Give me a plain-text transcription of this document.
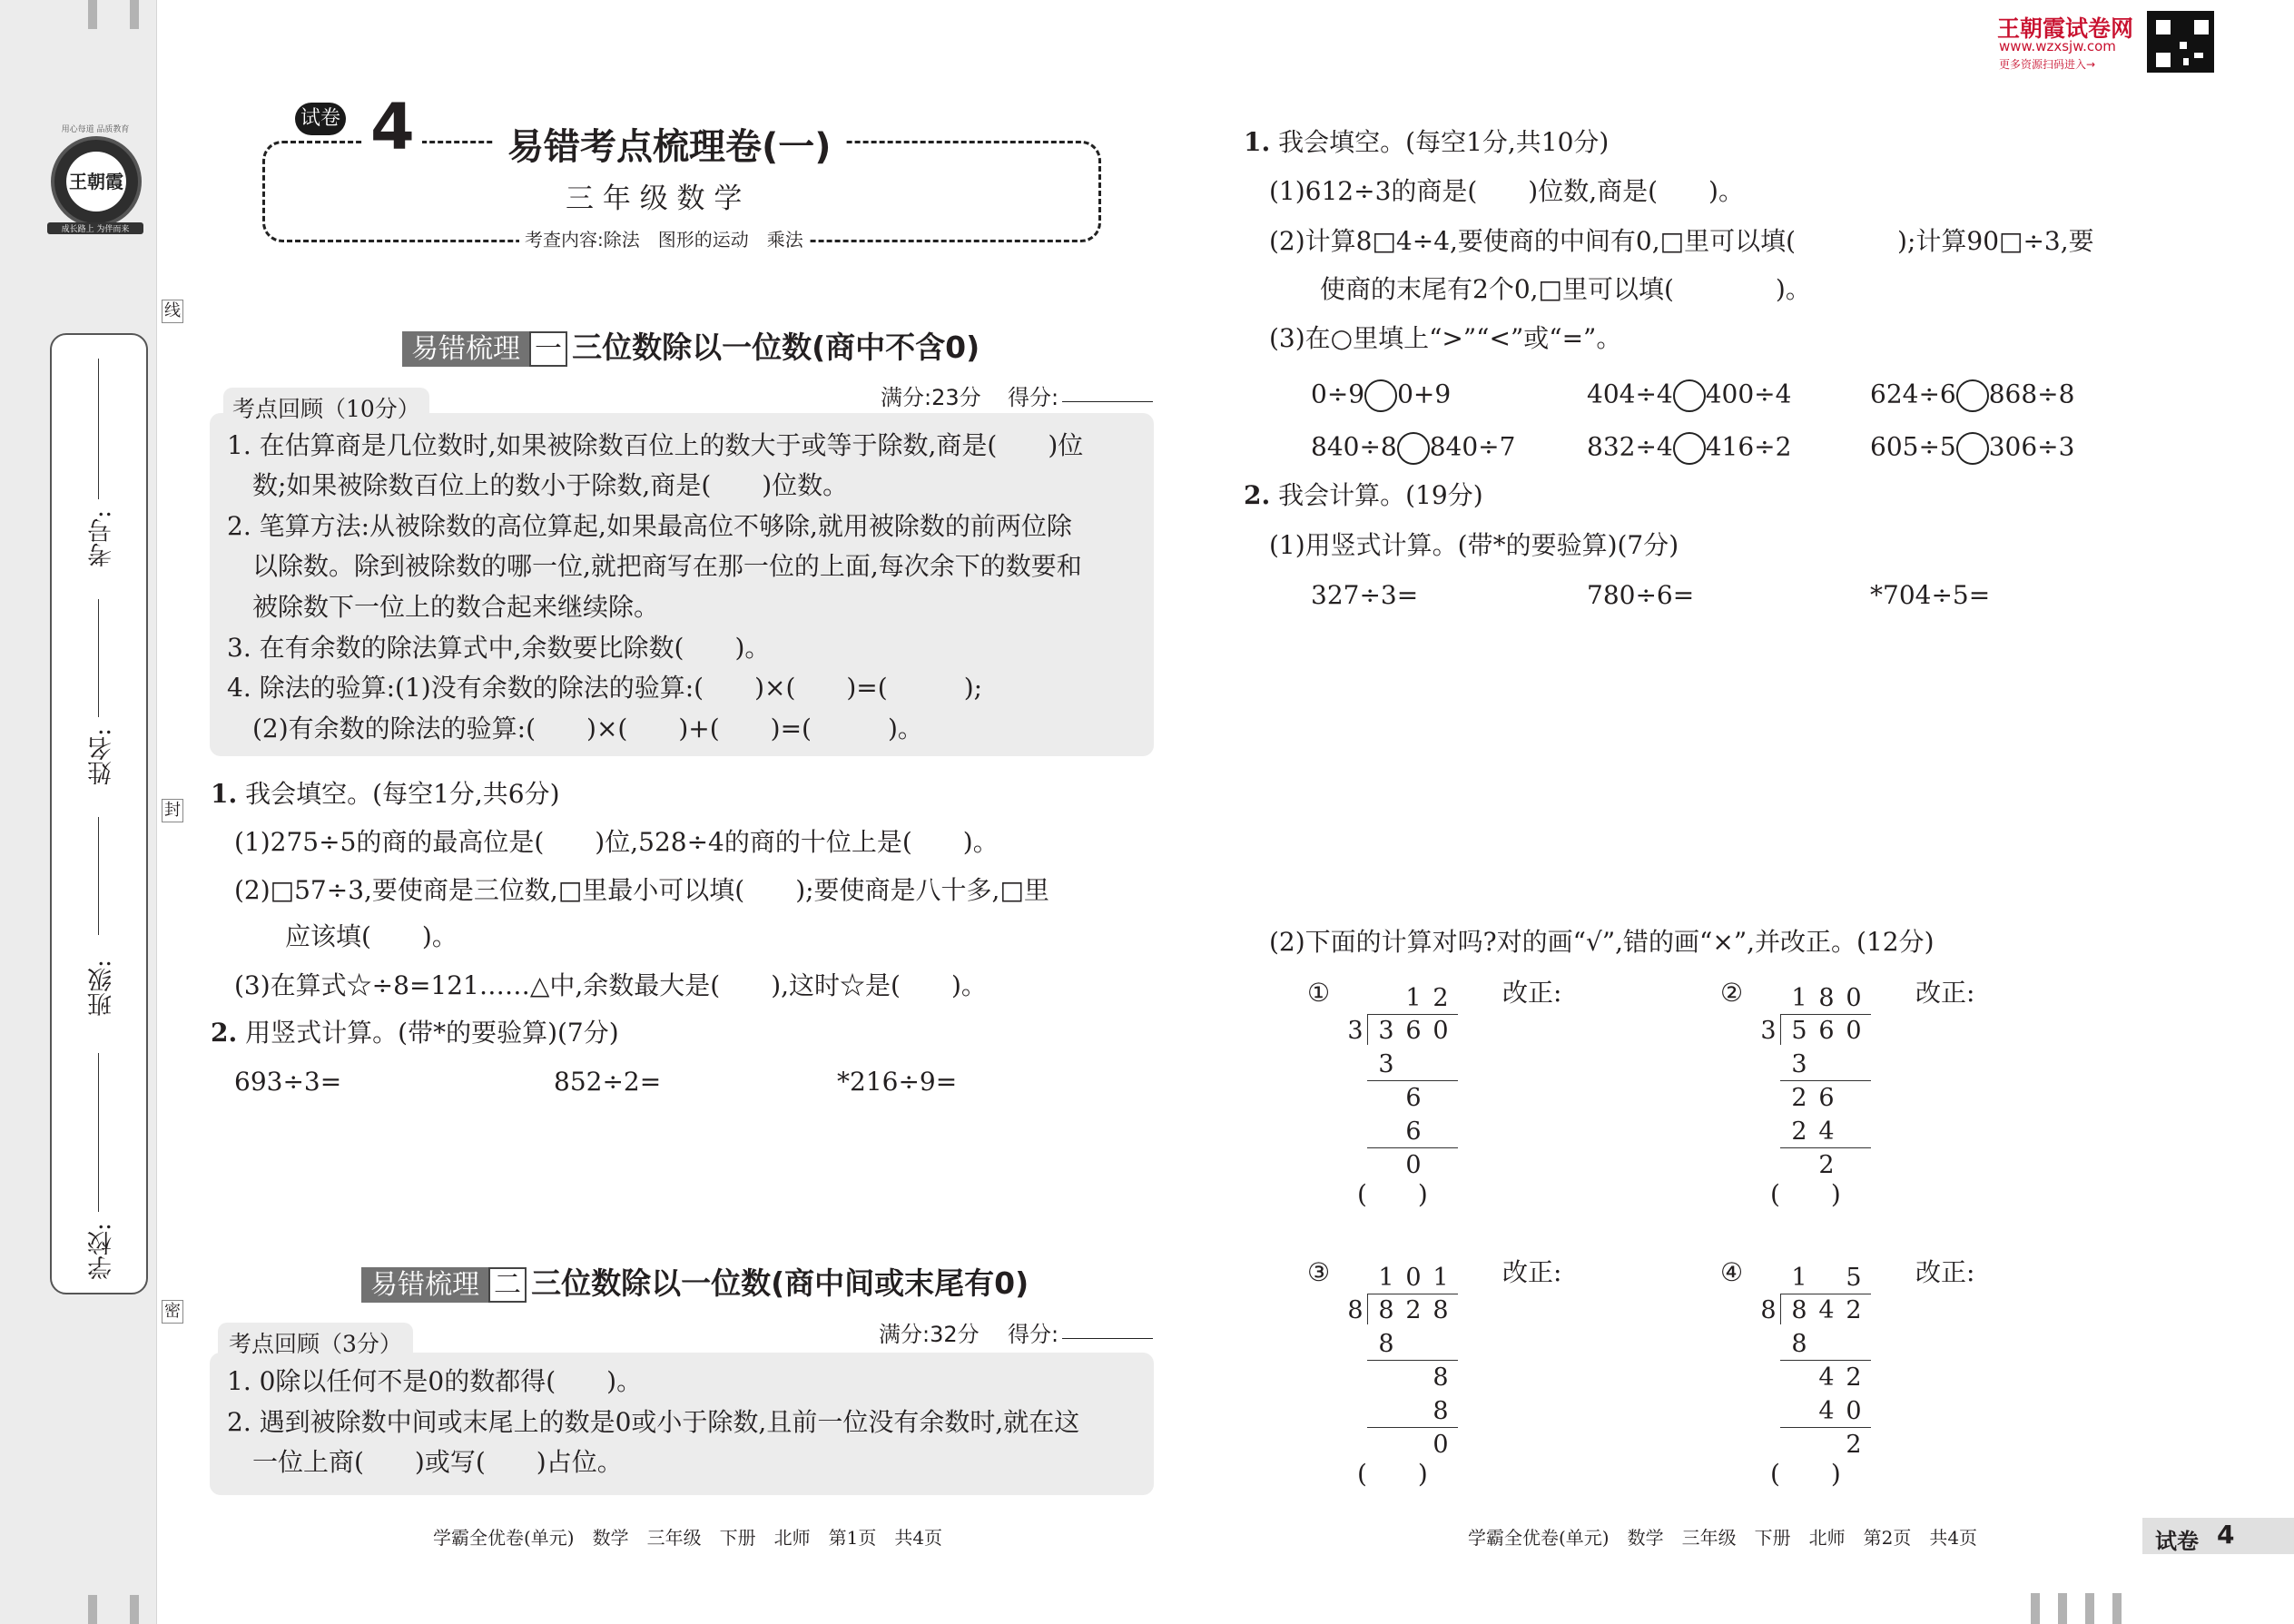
王朝霞
成长路上 为伴而来
用心每道 品质教育
考号:
姓名:
班级:
学校:
线
封
密
试卷 4	易错考点梳理卷(一)
三 年 级 数 学
考查内容:除法　图形的运动　乘法
王朝霞试卷网
www.wzxsjw.com
更多资源扫码进入→
易错梳理 一 三位数除以一位数(商中不含0)
考点回顾（10分）	满分:23分 得分:
1. 在估算商是几位数时,如果被除数百位上的数大于或等于除数,商是(　　)位
　数;如果被除数百位上的数小于除数,商是(　　)位数。
2. 笔算方法:从被除数的高位算起,如果最高位不够除,就用被除数的前两位除
　以除数。除到被除数的哪一位,就把商写在那一位的上面,每次余下的数要和
　被除数下一位上的数合起来继续除。
3. 在有余数的除法算式中,余数要比除数(　　)。
4. 除法的验算:(1)没有余数的除法的验算:(　　)×(　　)=(　　　);
　(2)有余数的除法的验算:(　　)×(　　)+(　　)=(　　　)。
1. 我会填空。(每空1分,共6分)
(1)275÷5的商的最高位是(　　)位,528÷4的商的十位上是(　　)。
(2)□57÷3,要使商是三位数,□里最小可以填(　　);要使商是八十多,□里
　　应该填(　　)。
(3)在算式☆÷8=121……△中,余数最大是(　　),这时☆是(　　)。
2. 用竖式计算。(带*的要验算)(7分)
693÷3=	852÷2=	*216÷9=
易错梳理 二 三位数除以一位数(商中间或末尾有0)
考点回顾（3分）	满分:32分 得分:
1. 0除以任何不是0的数都得(　　)。
2. 遇到被除数中间或末尾上的数是0或小于除数,且前一位没有余数时,就在这
　一位上商(　　)或写(　　)占位。
1. 我会填空。(每空1分,共10分)
(1)612÷3的商是(　　)位数,商是(　　)。
(2)计算8□4÷4,要使商的中间有0,□里可以填(　　　　);计算90□÷3,要
　　使商的末尾有2个0,□里可以填(　　　　)。
(3)在○里填上“>”“<”或“=”。
0÷9 0+9	404÷4 400÷4	624÷6 868÷8
840÷8 840÷7	832÷4 416÷2	605÷5 306÷3
2. 我会计算。(19分)
(1)用竖式计算。(带*的要验算)(7分)
327÷3=	780÷6=	*704÷5=
(2)下面的计算对吗?对的画“√”,错的画“×”,并改正。(12分)
①	1 2
3 3 6 0
3
6
6
0
(　　)
改正:	② 1 8 0
3 5 6 0
3
2 6
2 4
2
(　　)
改正:
③ 1 0 1
8 8 2 8
8
8
8
0
(　　)
改正:	④ 1 5
8 8 4 2
8
4 2
4 0
2
(　　)
改正:
学霸全优卷(单元)　数学　三年级　下册　北师　第1页　共4页	学霸全优卷(单元)　数学　三年级　下册　北师　第2页　共4页	试卷 4
